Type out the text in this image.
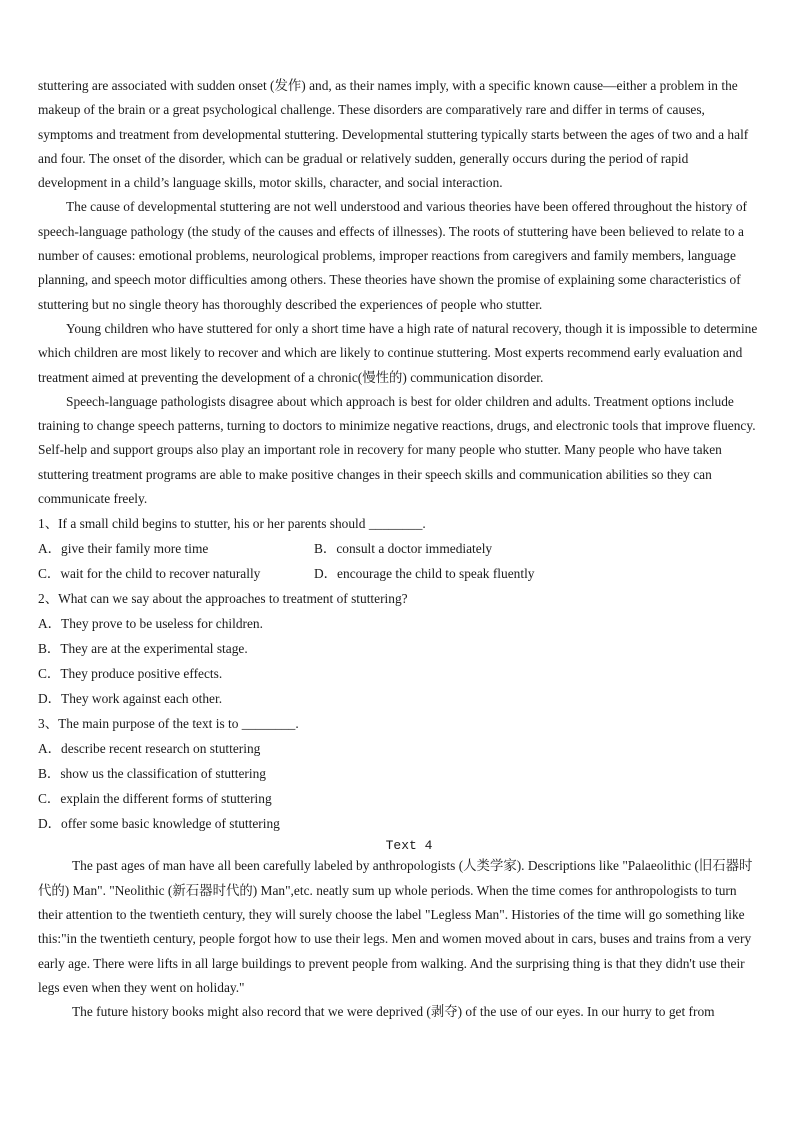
stuttering are associated with sudden onset (发作) and, as their names imply, with a specific known cause—either a problem in the makeup of the brain or a great psychological challenge. These disorders are comparatively rare and differ in terms of causes, symptoms and treatment from developmental stuttering. Developmental stuttering typically starts between the ages of two and a half and four. The onset of the disorder, which can be gradual or relatively sudden, generally occurs during the period of rapid development in a child’s language skills, motor skills, character, and social interaction.

The cause of developmental stuttering are not well understood and various theories have been offered throughout the history of speech-language pathology (the study of the causes and effects of illnesses). The roots of stuttering have been believed to relate to a number of causes: emotional problems, neurological problems, improper reactions from caregivers and family members, language planning, and speech motor difficulties among others. These theories have shown the promise of explaining some characteristics of stuttering but no single theory has thoroughly described the experiences of people who stutter.

Young children who have stuttered for only a short time have a high rate of natural recovery, though it is impossible to determine which children are most likely to recover and which are likely to continue stuttering. Most experts recommend early evaluation and treatment aimed at preventing the development of a chronic(慢性的) communication disorder.

Speech-language pathologists disagree about which approach is best for older children and adults. Treatment options include training to change speech patterns, turning to doctors to minimize negative reactions, drugs, and electronic tools that improve fluency. Self-help and support groups also play an important role in recovery for many people who stutter. Many people who have taken stuttering treatment programs are able to make positive changes in their speech skills and communication abilities so they can communicate freely.

1、If a small child begins to stutter, his or her parents should ________.

A．give their family more time	B．consult a doctor immediately
C．wait for the child to recover naturally	D．encourage the child to speak fluently

2、What can we say about the approaches to treatment of stuttering?

A．They prove to be useless for children.

B．They are at the experimental stage.

C．They produce positive effects.

D．They work against each other.

3、The main purpose of the text is to ________.

A．describe recent research on stuttering

B．show us the classification of stuttering

C．explain the different forms of stuttering

D．offer some basic knowledge of stuttering

Text 4

The past ages of man have all been carefully labeled by anthropologists (人类学家). Descriptions like "Palaeolithic (旧石器时代的) Man". "Neolithic (新石器时代的) Man",etc. neatly sum up whole periods. When the time comes for anthropologists to turn their attention to the twentieth century, they will surely choose the label "Legless Man". Histories of the time will go something like this:"in the twentieth century, people forgot how to use their legs. Men and women moved about in cars, buses and trains from a very early age. There were lifts in all large buildings to prevent people from walking. And the surprising thing is that they didn't use their legs even when they went on holiday."

The future history books might also record that we were deprived (剥夺) of the use of our eyes. In our hurry to get from
